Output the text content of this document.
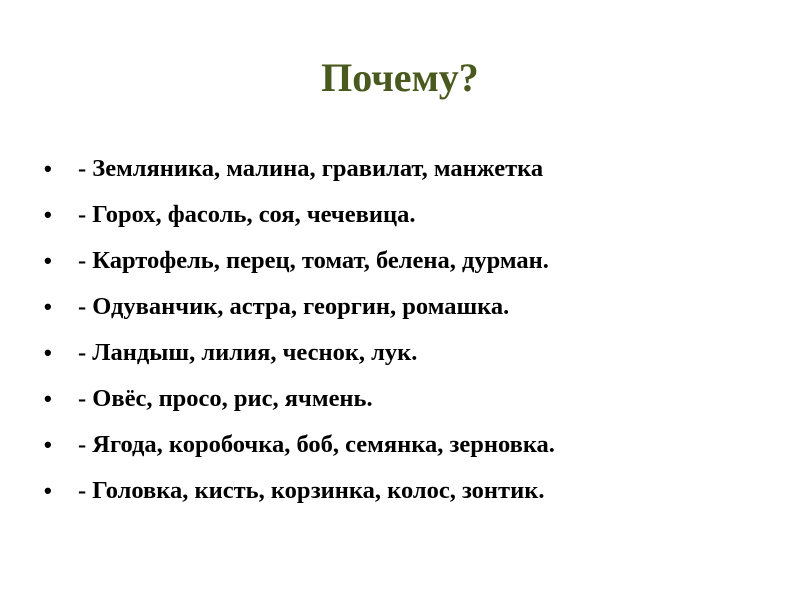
Почему?
•	- Земляника, малина, гравилат, манжетка
•	- Горох, фасоль, соя, чечевица.
•	- Картофель, перец, томат, белена, дурман.
•	- Одуванчик, астра, георгин, ромашка.
•	- Ландыш, лилия, чеснок, лук.
•	- Овёс, просо, рис, ячмень.
•	- Ягода, коробочка, боб, семянка, зерновка.
•	- Головка, кисть, корзинка, колос, зонтик.
